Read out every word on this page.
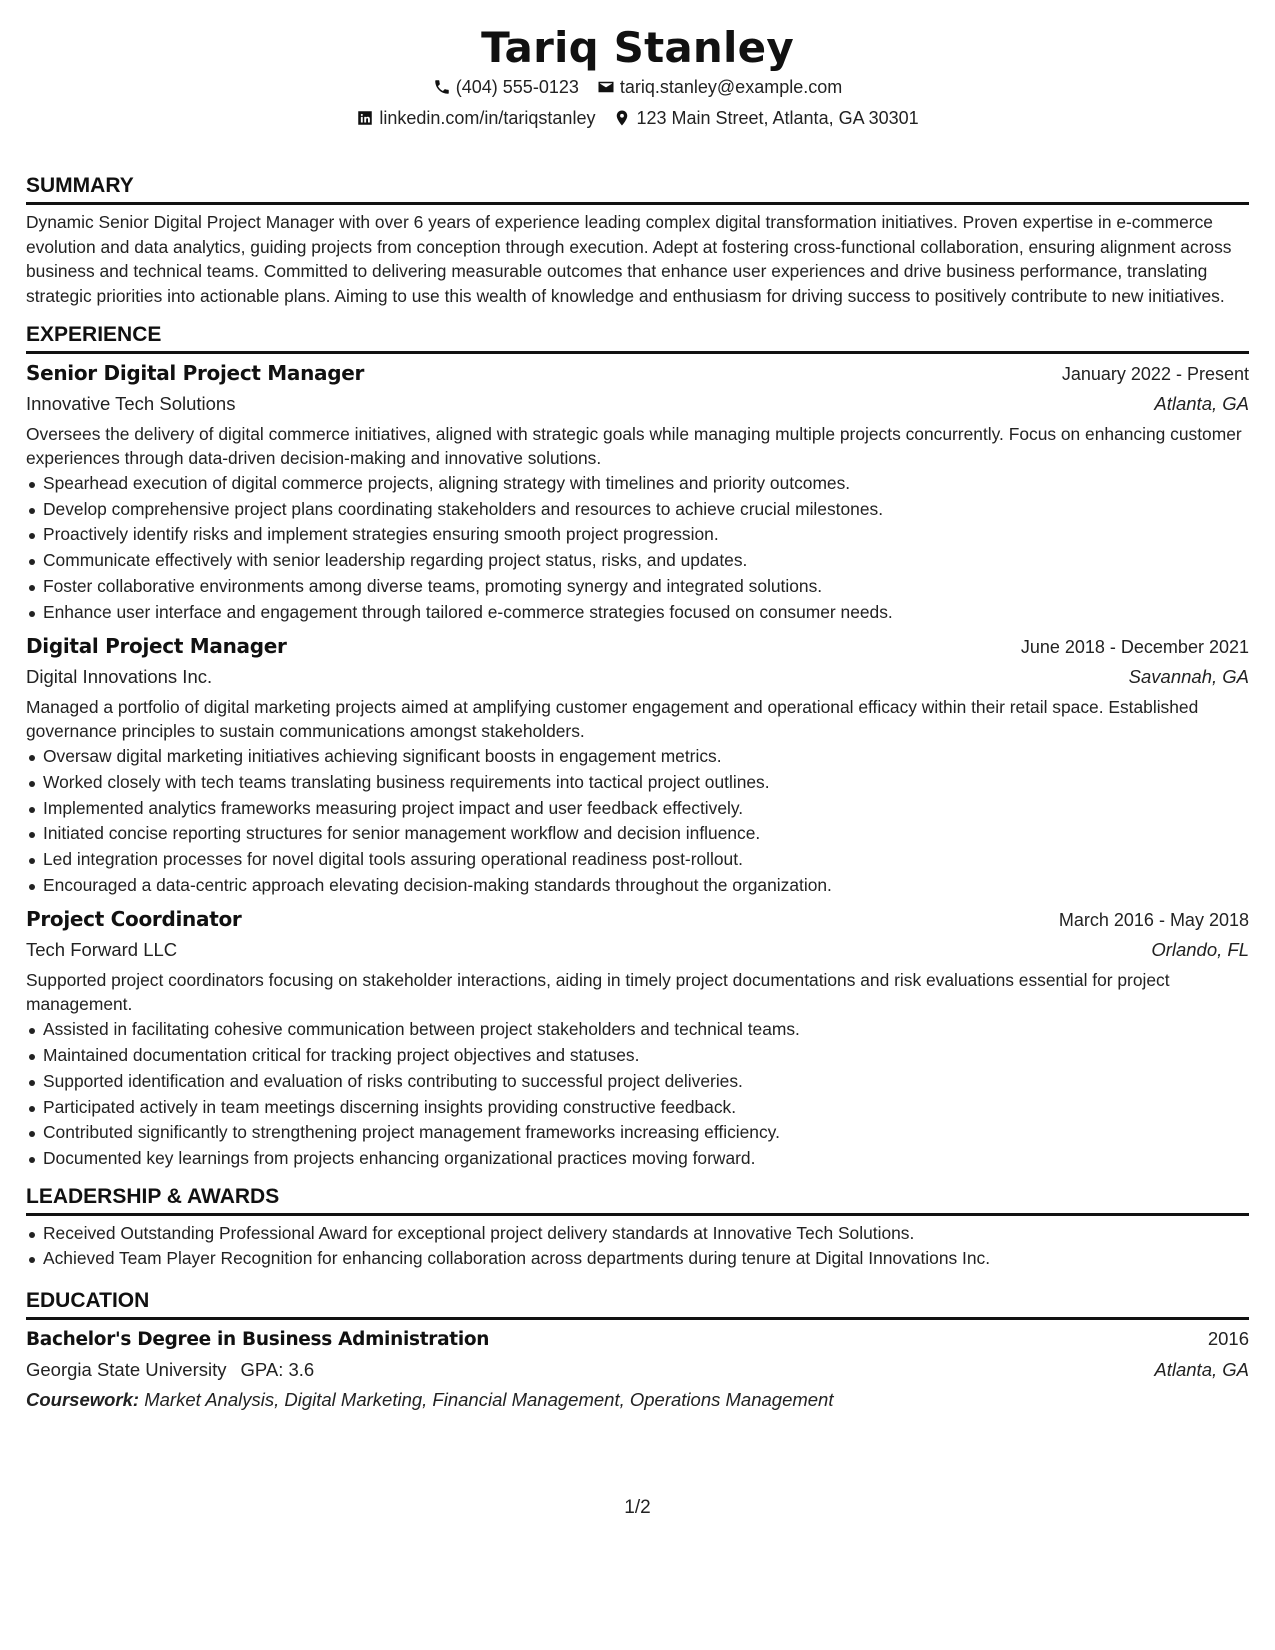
Tariq Stanley
(404) 555-0123 tariq.stanley@example.com
linkedin.com/in/tariqstanley 123 Main Street, Atlanta, GA 30301
SUMMARY
Dynamic Senior Digital Project Manager with over 6 years of experience leading complex digital transformation initiatives. Proven expertise in e-commerce evolution and data analytics, guiding projects from conception through execution. Adept at fostering cross-functional collaboration, ensuring alignment across business and technical teams. Committed to delivering measurable outcomes that enhance user experiences and drive business performance, translating strategic priorities into actionable plans. Aiming to use this wealth of knowledge and enthusiasm for driving success to positively contribute to new initiatives.
EXPERIENCE
Senior Digital Project Manager	January 2022 - Present
Innovative Tech Solutions	Atlanta, GA
Oversees the delivery of digital commerce initiatives, aligned with strategic goals while managing multiple projects concurrently. Focus on enhancing customer experiences through data-driven decision-making and innovative solutions.
Spearhead execution of digital commerce projects, aligning strategy with timelines and priority outcomes.
Develop comprehensive project plans coordinating stakeholders and resources to achieve crucial milestones.
Proactively identify risks and implement strategies ensuring smooth project progression.
Communicate effectively with senior leadership regarding project status, risks, and updates.
Foster collaborative environments among diverse teams, promoting synergy and integrated solutions.
Enhance user interface and engagement through tailored e-commerce strategies focused on consumer needs.
Digital Project Manager	June 2018 - December 2021
Digital Innovations Inc.	Savannah, GA
Managed a portfolio of digital marketing projects aimed at amplifying customer engagement and operational efficacy within their retail space. Established governance principles to sustain communications amongst stakeholders.
Oversaw digital marketing initiatives achieving significant boosts in engagement metrics.
Worked closely with tech teams translating business requirements into tactical project outlines.
Implemented analytics frameworks measuring project impact and user feedback effectively.
Initiated concise reporting structures for senior management workflow and decision influence.
Led integration processes for novel digital tools assuring operational readiness post-rollout.
Encouraged a data-centric approach elevating decision-making standards throughout the organization.
Project Coordinator	March 2016 - May 2018
Tech Forward LLC	Orlando, FL
Supported project coordinators focusing on stakeholder interactions, aiding in timely project documentations and risk evaluations essential for project management.
Assisted in facilitating cohesive communication between project stakeholders and technical teams.
Maintained documentation critical for tracking project objectives and statuses.
Supported identification and evaluation of risks contributing to successful project deliveries.
Participated actively in team meetings discerning insights providing constructive feedback.
Contributed significantly to strengthening project management frameworks increasing efficiency.
Documented key learnings from projects enhancing organizational practices moving forward.
LEADERSHIP & AWARDS
Received Outstanding Professional Award for exceptional project delivery standards at Innovative Tech Solutions.
Achieved Team Player Recognition for enhancing collaboration across departments during tenure at Digital Innovations Inc.
EDUCATION
Bachelor's Degree in Business Administration	2016
Georgia State University GPA: 3.6	Atlanta, GA
Coursework: Market Analysis, Digital Marketing, Financial Management, Operations Management
1/2
